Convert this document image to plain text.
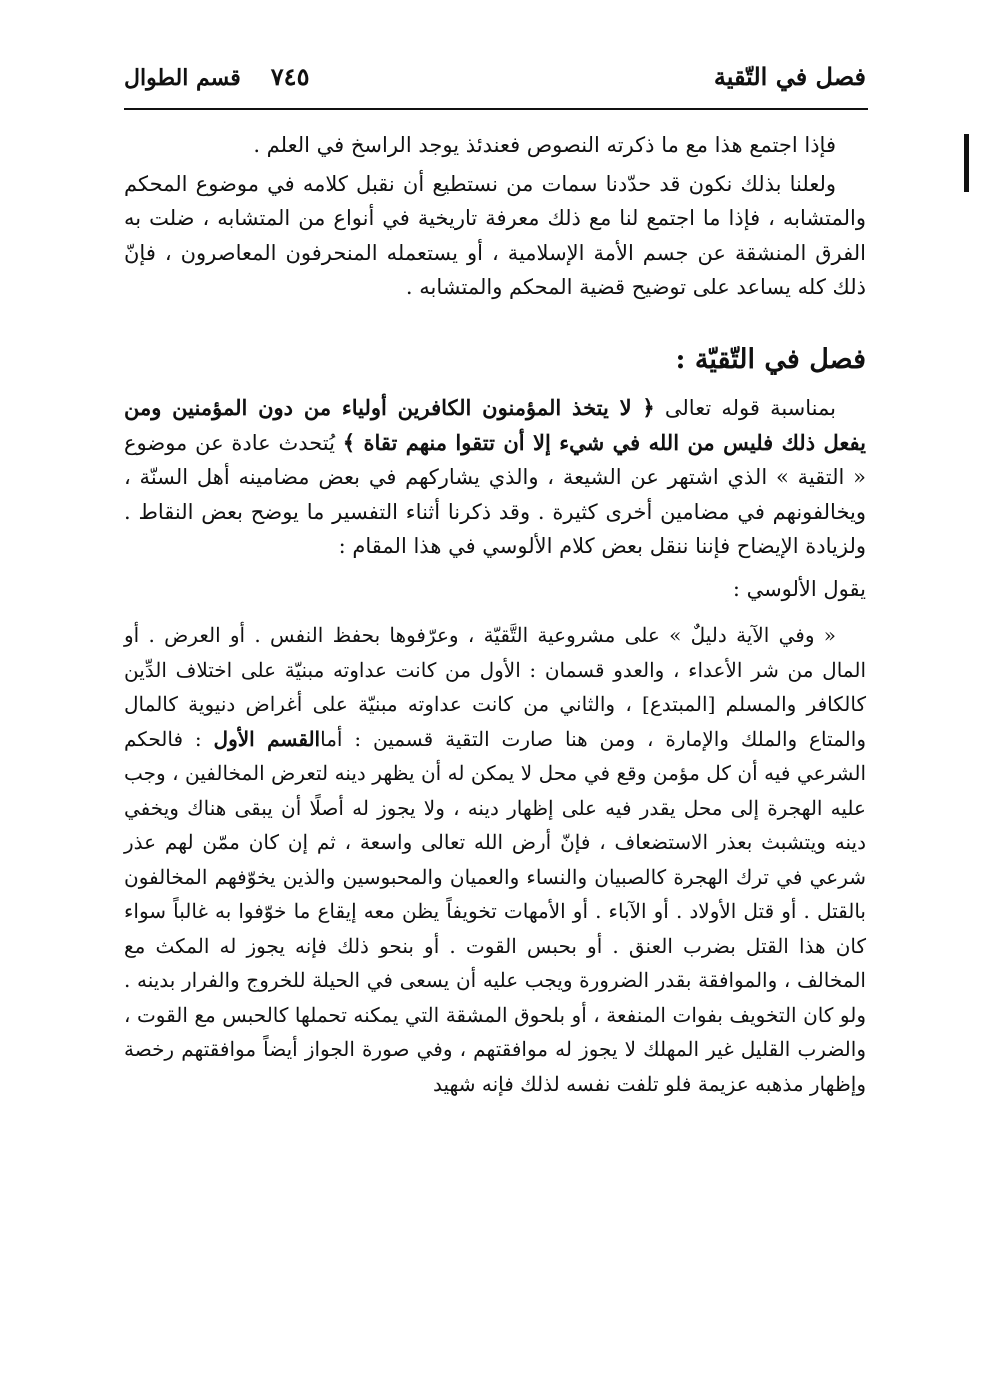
فصل في التّقية
قسم الطوال ٧٤٥

فإذا اجتمع هذا مع ما ذكرته النصوص فعندئذ يوجد الراسخ في العلم .

ولعلنا بذلك نكون قد حدّدنا سمات من نستطيع أن نقبل كلامه في موضوع المحكم والمتشابه ، فإذا ما اجتمع لنا مع ذلك معرفة تاريخية في أنواع من المتشابه ، ضلت به الفرق المنشقة عن جسم الأمة الإسلامية ، أو يستعمله المنحرفون المعاصرون ، فإنّ ذلك كله يساعد على توضيح قضية المحكم والمتشابه .

فصل في التّقيّة :

بمناسبة قوله تعالى ﴿ لا يتخذ المؤمنون الكافرين أولياء من دون المؤمنين ومن يفعل ذلك فليس من الله في شيء إلا أن تتقوا منهم تقاة ﴾ يُتحدث عادة عن موضوع « التقية » الذي اشتهر عن الشيعة ، والذي يشاركهم في بعض مضامينه أهل السنّة ، ويخالفونهم في مضامين أخرى كثيرة . وقد ذكرنا أثناء التفسير ما يوضح بعض النقاط . ولزيادة الإيضاح فإننا ننقل بعض كلام الألوسي في هذا المقام :

يقول الألوسي :

« وفي الآية دليلٌ » على مشروعية التَّقيّة ، وعرّفوها بحفظ النفس . أو العرض . أو المال من شر الأعداء ، والعدو قسمان : الأول من كانت عداوته مبنيّة على اختلاف الدِّين كالكافر والمسلم [المبتدع] ، والثاني من كانت عداوته مبنيّة على أغراض دنيوية كالمال والمتاع والملك والإمارة ، ومن هنا صارت التقية قسمين : أماالقسم الأول : فالحكم الشرعي فيه أن كل مؤمن وقع في محل لا يمكن له أن يظهر دينه لتعرض المخالفين ، وجب عليه الهجرة إلى محل يقدر فيه على إظهار دينه ، ولا يجوز له أصلًا أن يبقى هناك ويخفي دينه ويتشبث بعذر الاستضعاف ، فإنّ أرض الله تعالى واسعة ، ثم إن كان ممّن لهم عذر شرعي في ترك الهجرة كالصبيان والنساء والعميان والمحبوسين والذين يخوّفهم المخالفون بالقتل . أو قتل الأولاد . أو الآباء . أو الأمهات تخويفاً يظن معه إيقاع ما خوّفوا به غالباً سواء كان هذا القتل بضرب العنق . أو بحبس القوت . أو بنحو ذلك فإنه يجوز له المكث مع المخالف ، والموافقة بقدر الضرورة ويجب عليه أن يسعى في الحيلة للخروج والفرار بدينه . ولو كان التخويف بفوات المنفعة ، أو بلحوق المشقة التي يمكنه تحملها كالحبس مع القوت ، والضرب القليل غير المهلك لا يجوز له موافقتهم ، وفي صورة الجواز أيضاً موافقتهم رخصة وإظهار مذهبه عزيمة فلو تلفت نفسه لذلك فإنه شهيد
